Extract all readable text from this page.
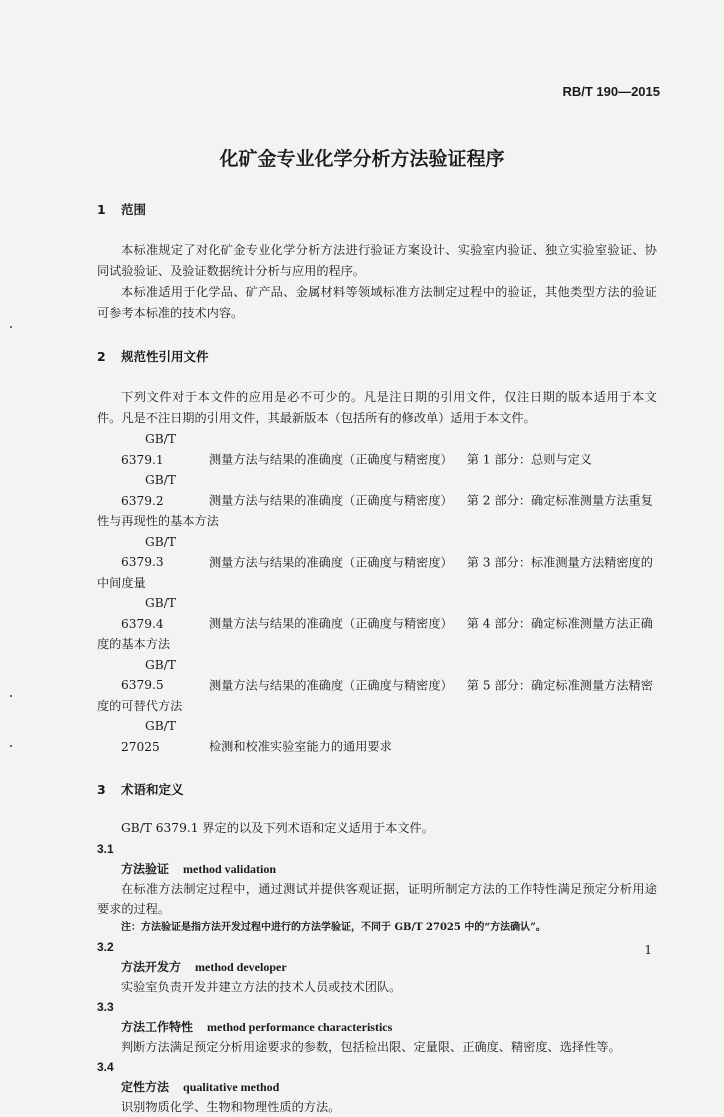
RB/T 190—2015
化矿金专业化学分析方法验证程序
1 范围

本标准规定了对化矿金专业化学分析方法进行验证方案设计、实验室内验证、独立实验室验证、协同试验验证、及验证数据统计分析与应用的程序。

本标准适用于化学品、矿产品、金属材料等领域标准方法制定过程中的验证，其他类型方法的验证可参考本标准的技术内容。

2 规范性引用文件

下列文件对于本文件的应用是必不可少的。凡是注日期的引用文件，仅注日期的版本适用于本文件。凡是不注日期的引用文件，其最新版本（包括所有的修改单）适用于本文件。

GB/T 6379.1	测量方法与结果的准确度（正确度与精密度） 第 1 部分：总则与定义

GB/T 6379.2	测量方法与结果的准确度（正确度与精密度） 第 2 部分：确定标准测量方法重复

性与再现性的基本方法

GB/T 6379.3	测量方法与结果的准确度（正确度与精密度） 第 3 部分：标准测量方法精密度的

中间度量

GB/T 6379.4	测量方法与结果的准确度（正确度与精密度） 第 4 部分：确定标准测量方法正确

度的基本方法

GB/T 6379.5	测量方法与结果的准确度（正确度与精密度） 第 5 部分：确定标准测量方法精密

度的可替代方法

GB/T 27025	检测和校准实验室能力的通用要求

3 术语和定义

GB/T 6379.1 界定的以及下列术语和定义适用于本文件。

3.1

方法验证 method validation

在标准方法制定过程中，通过测试并提供客观证据，证明所制定方法的工作特性满足预定分析用途要求的过程。

注：方法验证是指方法开发过程中进行的方法学验证，不同于 GB/T 27025 中的“方法确认”。

3.2

方法开发方 method developer

实验室负责开发并建立方法的技术人员或技术团队。

3.3

方法工作特性 method performance characteristics

判断方法满足预定分析用途要求的参数，包括检出限、定量限、正确度、精密度、选择性等。

3.4

定性方法 qualitative method

识别物质化学、生物和物理性质的方法。

1
